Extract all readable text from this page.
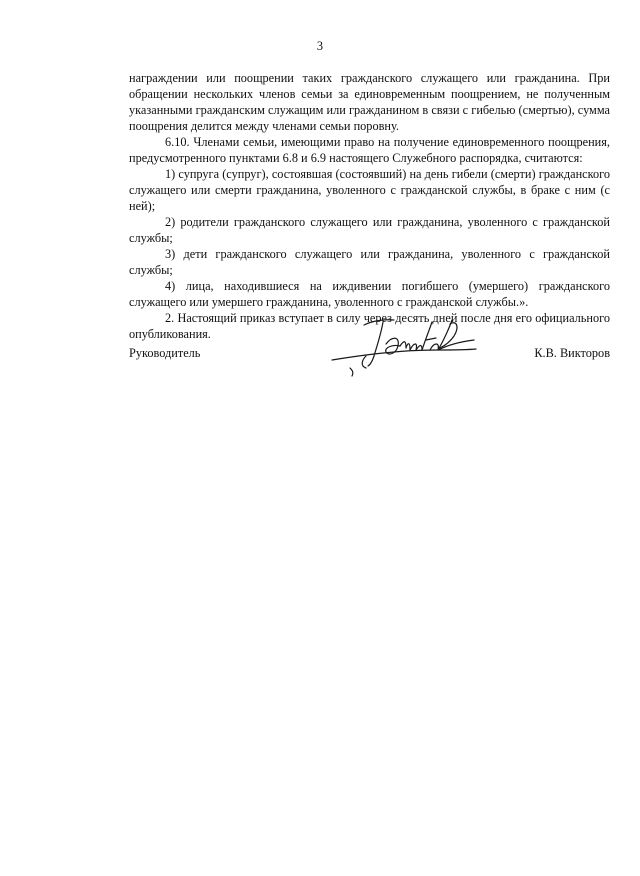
3

награждении или поощрении таких гражданского служащего или гражданина. При обращении нескольких членов семьи за единовременным поощрением, не полученным указанными гражданским служащим или гражданином в связи с гибелью (смертью), сумма поощрения делится между членами семьи поровну.

6.10. Членами семьи, имеющими право на получение единовременного поощрения, предусмотренного пунктами 6.8 и 6.9 настоящего Служебного распорядка, считаются:

1) супруга (супруг), состоявшая (состоявший) на день гибели (смерти) гражданского служащего или смерти гражданина, уволенного с гражданской службы, в браке с ним (с ней);

2) родители гражданского служащего или гражданина, уволенного с гражданской службы;

3) дети гражданского служащего или гражданина, уволенного с гражданской службы;

4) лица, находившиеся на иждивении погибшего (умершего) гражданского служащего или умершего гражданина, уволенного с гражданской службы.».

2. Настоящий приказ вступает в силу через десять дней после дня его официального опубликования.

Руководитель	К.В. Викторов
